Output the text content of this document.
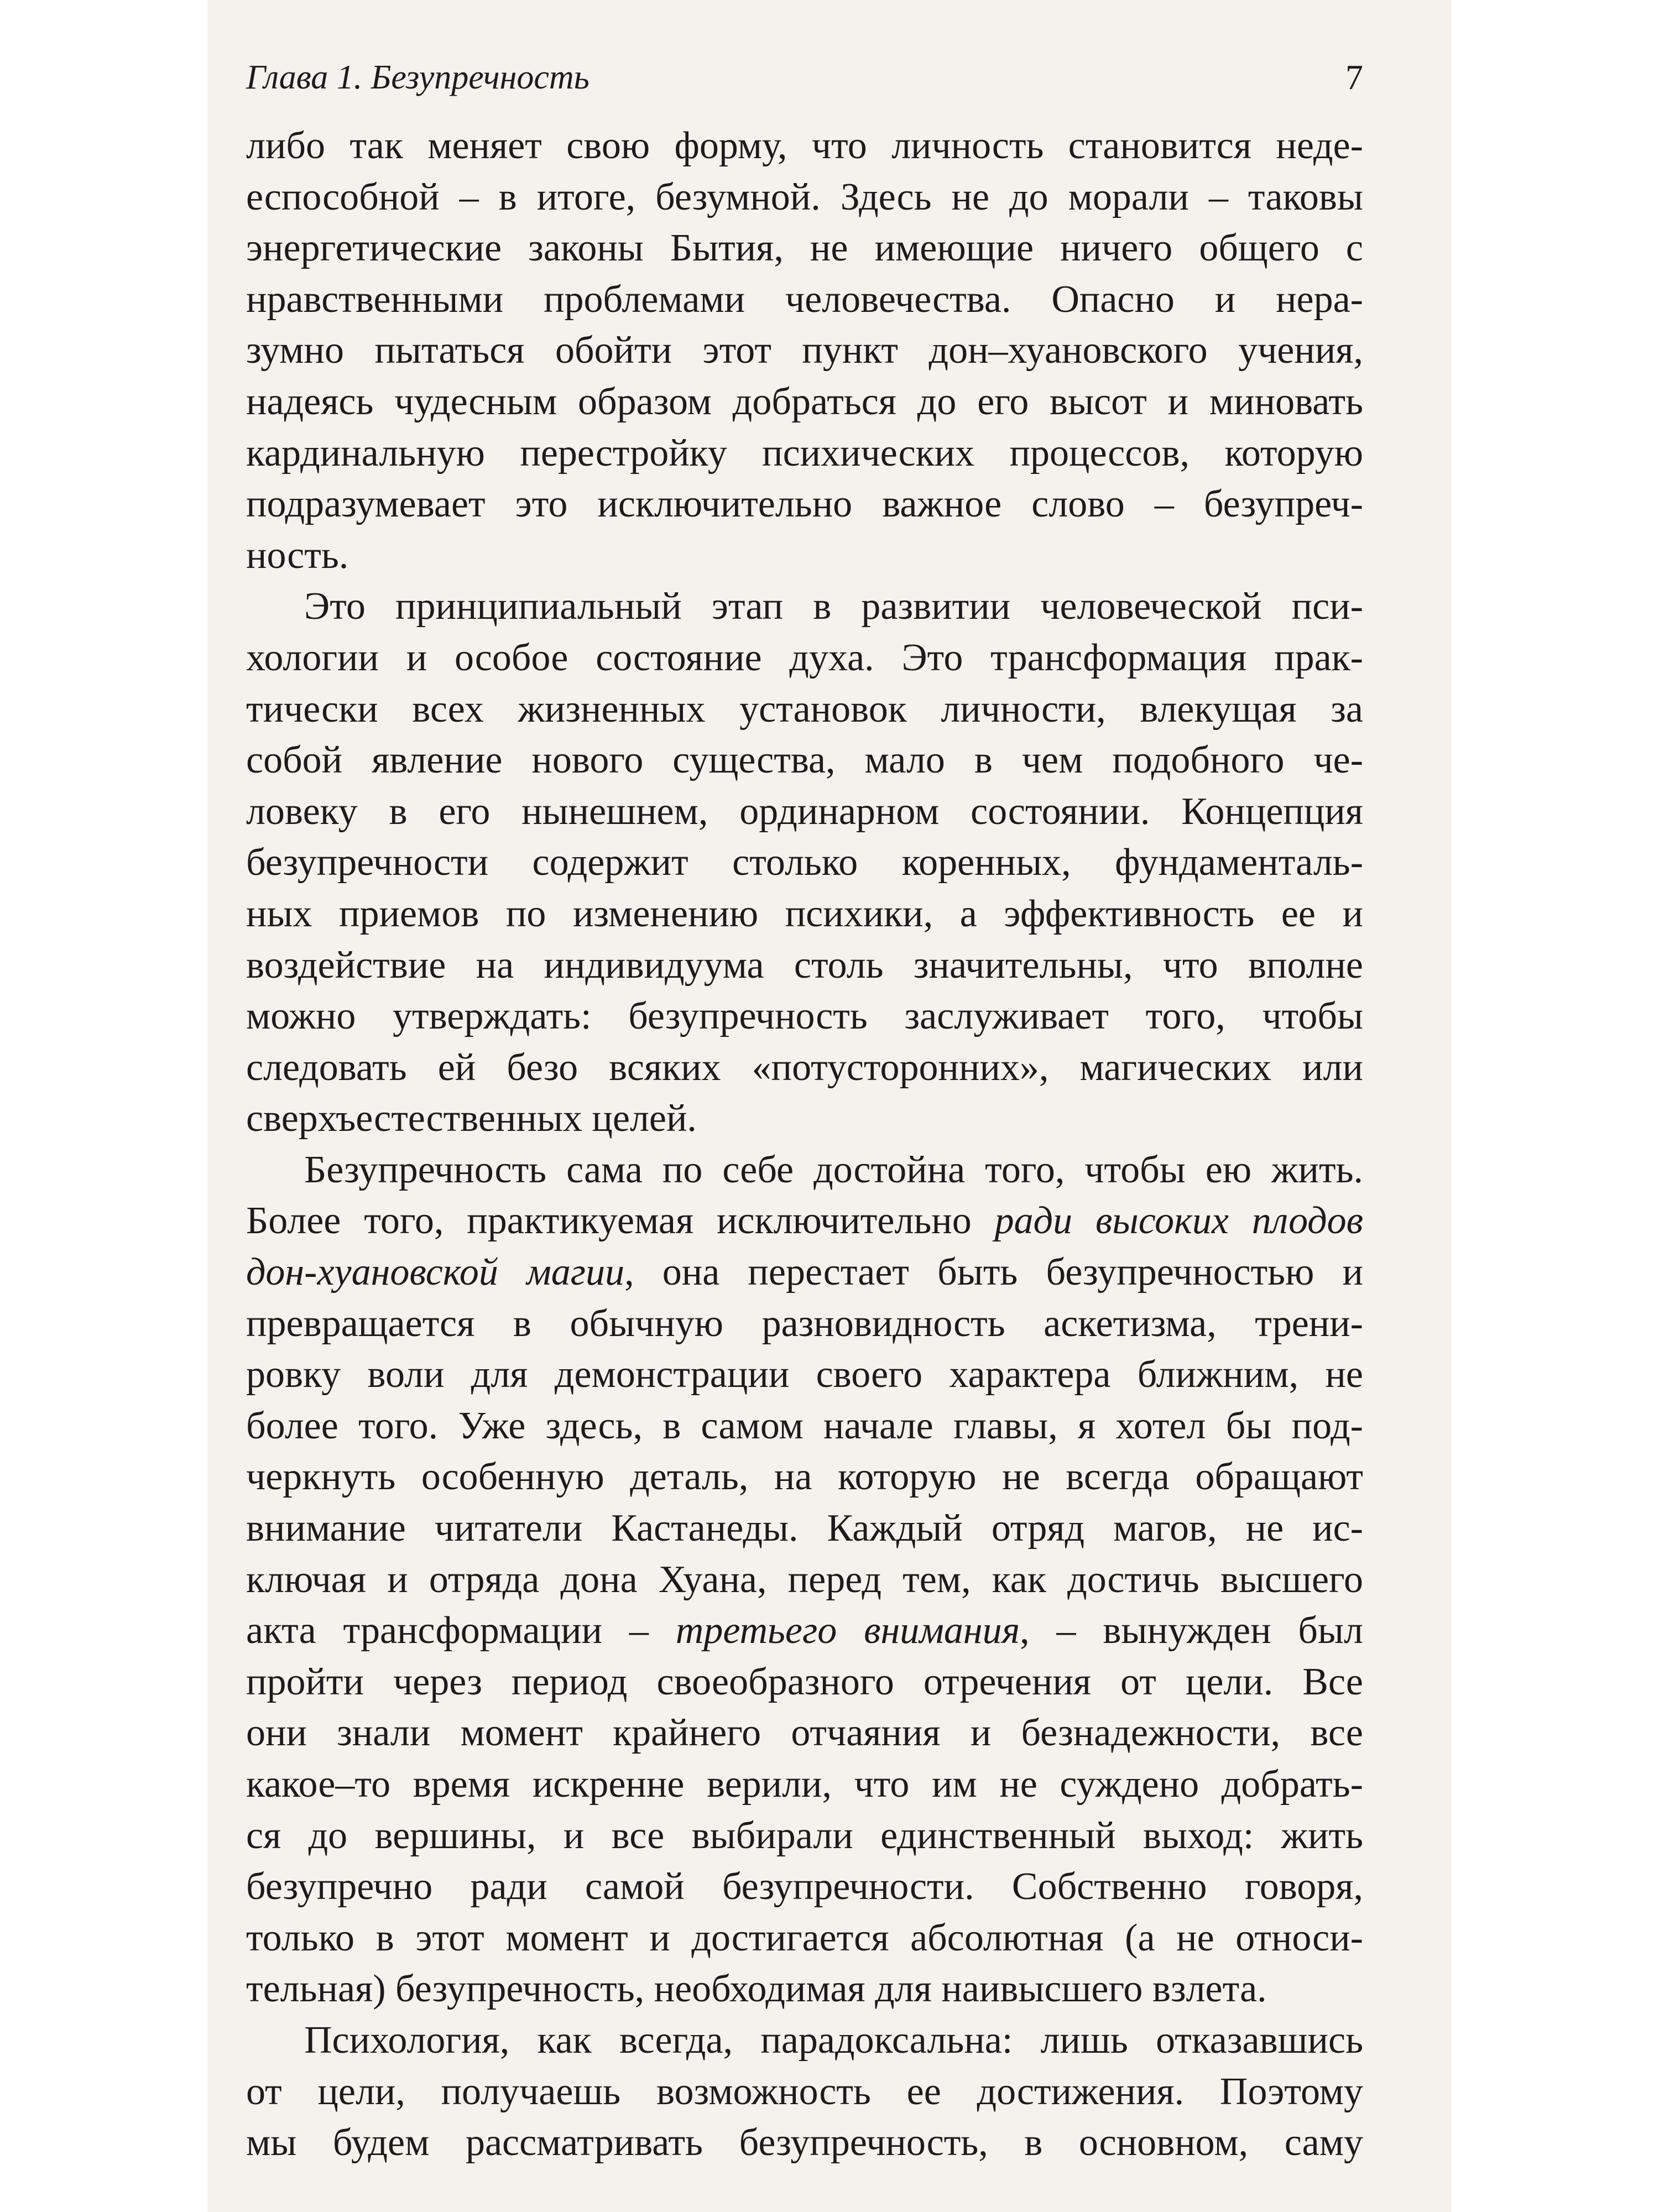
Глава 1. Безупречность	7
либо так меняет свою форму, что личность становится неде-
еспособной – в итоге, безумной. Здесь не до морали – таковы
энергетические законы Бытия, не имеющие ничего общего с
нравственными проблемами человечества. Опасно и нера-
зумно пытаться обойти этот пункт дон–хуановского учения,
надеясь чудесным образом добраться до его высот и миновать
кардинальную перестройку психических процессов, которую
подразумевает это исключительно важное слово – безупреч-
ность.
Это принципиальный этап в развитии человеческой пси-
хологии и особое состояние духа. Это трансформация прак-
тически всех жизненных установок личности, влекущая за
собой явление нового существа, мало в чем подобного че-
ловеку в его нынешнем, ординарном состоянии. Концепция
безупречности содержит столько коренных, фундаменталь-
ных приемов по изменению психики, а эффективность ее и
воздействие на индивидуума столь значительны, что вполне
можно утверждать: безупречность заслуживает того, чтобы
следовать ей безо всяких «потусторонних», магических или
сверхъестественных целей.
Безупречность сама по себе достойна того, чтобы ею жить.
Более того, практикуемая исключительно ради высоких плодов
дон-хуановской магии, она перестает быть безупречностью и
превращается в обычную разновидность аскетизма, трени-
ровку воли для демонстрации своего характера ближним, не
более того. Уже здесь, в самом начале главы, я хотел бы под-
черкнуть особенную деталь, на которую не всегда обращают
внимание читатели Кастанеды. Каждый отряд магов, не ис-
ключая и отряда дона Хуана, перед тем, как достичь высшего
акта трансформации – третьего внимания, – вынужден был
пройти через период своеобразного отречения от цели. Все
они знали момент крайнего отчаяния и безнадежности, все
какое–то время искренне верили, что им не суждено добрать-
ся до вершины, и все выбирали единственный выход: жить
безупречно ради самой безупречности. Собственно говоря,
только в этот момент и достигается абсолютная (а не относи-
тельная) безупречность, необходимая для наивысшего взлета.
Психология, как всегда, парадоксальна: лишь отказавшись
от цели, получаешь возможность ее достижения. Поэтому
мы будем рассматривать безупречность, в основном, саму
